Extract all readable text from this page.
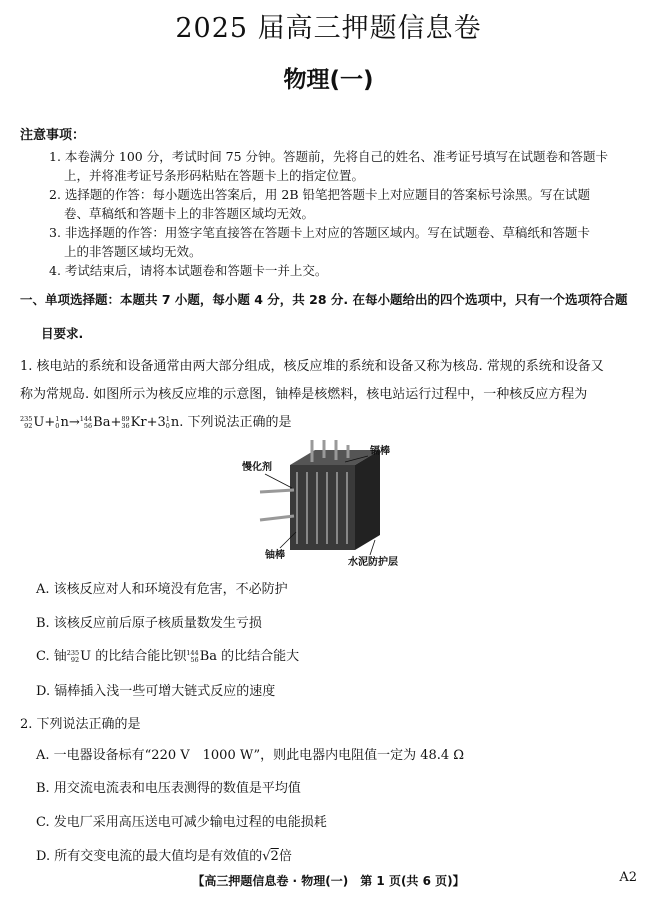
2025 届高三押题信息卷
物理(一)
注意事项：
1. 本卷满分 100 分，考试时间 75 分钟。答题前，先将自己的姓名、准考证号填写在试题卷和答题卡
上，并将准考证号条形码粘贴在答题卡上的指定位置。
2. 选择题的作答：每小题选出答案后，用 2B 铅笔把答题卡上对应题目的答案标号涂黑。写在试题
卷、草稿纸和答题卡上的非答题区域均无效。
3. 非选择题的作答：用签字笔直接答在答题卡上对应的答题区域内。写在试题卷、草稿纸和答题卡
上的非答题区域均无效。
4. 考试结束后，请将本试题卷和答题卡一并上交。
一、单项选择题：本题共 7 小题，每小题 4 分，共 28 分. 在每小题给出的四个选项中，只有一个选项符合题
目要求.
1. 核电站的系统和设备通常由两大部分组成，核反应堆的系统和设备又称为核岛. 常规的系统和设备又
称为常规岛. 如图所示为核反应堆的示意图，铀棒是核燃料，核电站运行过程中，一种核反应方程为
235
92 U+ 1
0 n→ 144
56 Ba+ 89
36 Kr+3 1
0 n. 下列说法正确的是
慢化剂
镉棒
铀棒
水泥防护层
A. 该核反应对人和环境没有危害，不必防护
B. 该核反应前后原子核质量数发生亏损
C. 铀 235
92 U 的比结合能比钡 144
56 Ba 的比结合能大
D. 镉棒插入浅一些可增大链式反应的速度
2. 下列说法正确的是
A. 一电器设备标有“220 V　1000 W”，则此电器内电阻值一定为 48.4 Ω
B. 用交流电流表和电压表测得的数值是平均值
C. 发电厂采用高压送电可减少输电过程的电能损耗
D. 所有交变电流的最大值均是有效值的√2倍
【高三押题信息卷 · 物理(一)　第 1 页(共 6 页)】	A2
